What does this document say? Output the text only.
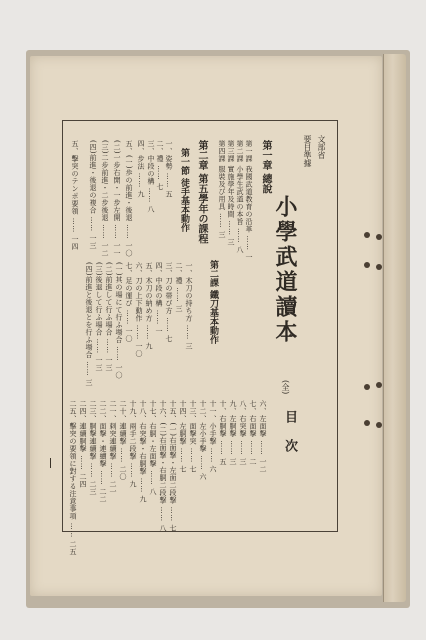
文部省
要目準據
小學武道讀本
(全)
目次
第一章 總說
第一課 我國武道教育の沿革 …… 一
第二課 小學生武道の本旨 …… 八
第三課 實施學年及時間 …… 三
第四課 服裝及び用具 …… 三
第二章 第五學年の課程
第一節 徒手基本動作
一、姿勢 …… 五
二、禮 …… 七
三、中段の構 …… 八
四、步法 …… 九
五、(一)歩の前進・後退 …… 一〇
(二)一步右開・一步左開 …… 一一
(三)二步前進・二步後退 …… 一二
(四)前進・後退の複合 …… 一三
五、擊突のテンポ要領 …… 一四
第二課 鐵刀基本動作
一、木刀の持ち方 …… 三
二、禮 …… 三
三、刀の帯び方 …… 七
四、中段の構 …… 一
五、木刀の納め方 …… 九
六、刀の上下動作 …… 一〇
七、足の運び …… 一〇
(一)其の場にて行ふ場合 …… 一〇
(二)前進して行ふ場合 …… 一三
(三)後退して行ふ場合 …… 一三
(四)前進と後退とを行ふ場合 …… 三
六、左面撃 …… 一二
七、右面撃 …… 二
八、右突撃 …… 三
九、左胴撃 …… 三
十、右胴撃 …… 五
十一、小手撃 …… 六
十二、左小手撃 …… 六
十三、面撃突 …… 七
十四、左胴撃 …… 七
十五、(一)右面撃・左面二段撃 …… 七
十六、(二)右面撃・右胴二段撃 …… 八
十七、右胴・左面撃 …… 八
十八、右突撃・右胴撃 …… 九
十九、兩手二段撃 …… 九
二十、連續撃 …… 二〇
二一、刺突連續撃 …… 二一
二二、面撃・連續撃 …… 二二
二三、胴撃連續撃 …… 二三
二四、連續胴撃 …… 二四
二五、擊突の要領に對する注意事項 …… 二五
